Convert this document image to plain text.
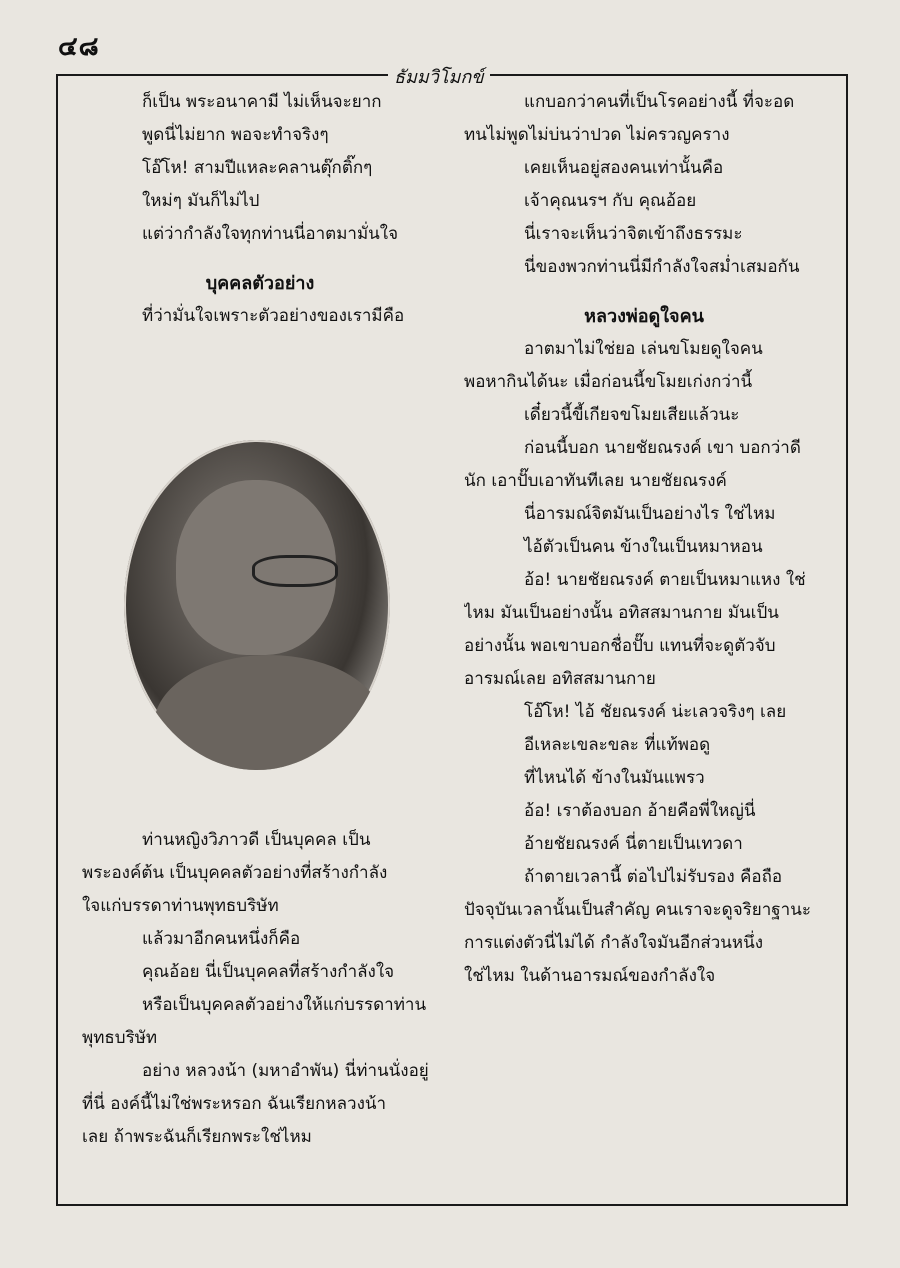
๔๘
ธัมมวิโมกข์
ก็เป็น พระอนาคามี ไม่เห็นจะยาก
พูดนี่ไม่ยาก พอจะทำจริงๆ
โอ๊โห! สามปีแหละคลานตุ๊กติ๊กๆ
ใหม่ๆ มันก็ไม่ไป
แต่ว่ากำลังใจทุกท่านนี่อาตมามั่นใจ
บุคคลตัวอย่าง
ที่ว่ามั่นใจเพราะตัวอย่างของเรามีคือ
ท่านหญิงวิภาวดี เป็นบุคคล เป็น
พระองค์ต้น เป็นบุคคลตัวอย่างที่สร้างกำลัง
ใจแก่บรรดาท่านพุทธบริษัท
แล้วมาอีกคนหนึ่งก็คือ
คุณอ้อย นี่เป็นบุคคลที่สร้างกำลังใจ
หรือเป็นบุคคลตัวอย่างให้แก่บรรดาท่าน
พุทธบริษัท
อย่าง หลวงน้า (มหาอำพัน) นี่ท่านนั่งอยู่
ที่นี่ องค์นี้ไม่ใช่พระหรอก ฉันเรียกหลวงน้า
เลย ถ้าพระฉันก็เรียกพระใช่ไหม
แกบอกว่าคนที่เป็นโรคอย่างนี้ ที่จะอด
ทนไม่พูดไม่บ่นว่าปวด ไม่ครวญคราง
เคยเห็นอยู่สองคนเท่านั้นคือ
เจ้าคุณนรฯ กับ คุณอ้อย
นี่เราจะเห็นว่าจิตเข้าถึงธรรมะ
นี่ของพวกท่านนี่มีกำลังใจสม่ำเสมอกัน
หลวงพ่อดูใจคน
อาตมาไม่ใช่ยอ เล่นขโมยดูใจคน
พอหากินได้นะ เมื่อก่อนนี้ขโมยเก่งกว่านี้
เดี๋ยวนี้ขี้เกียจขโมยเสียแล้วนะ
ก่อนนี้บอก นายชัยณรงค์ เขา บอกว่าดี
นัก เอาปั๊บเอาทันทีเลย นายชัยณรงค์
นี่อารมณ์จิตมันเป็นอย่างไร ใช่ไหม
ไอ้ตัวเป็นคน ข้างในเป็นหมาหอน
อ้อ! นายชัยณรงค์ ตายเป็นหมาแหง ใช่
ไหม มันเป็นอย่างนั้น อทิสสมานกาย มันเป็น
อย่างนั้น พอเขาบอกชื่อปั๊บ แทนที่จะดูตัวจับ
อารมณ์เลย อทิสสมานกาย
โอ๊โห! ไอ้ ชัยณรงค์ น่ะเลวจริงๆ เลย
อีเหละเขละขละ ที่แท้พอดู
ที่ไหนได้ ข้างในมันแพรว
อ้อ! เราต้องบอก อ้ายคือพี่ใหญ่นี่
อ้ายชัยณรงค์ นี่ตายเป็นเทวดา
ถ้าตายเวลานี้ ต่อไปไม่รับรอง คือถือ
ปัจจุบันเวลานั้นเป็นสำคัญ คนเราจะดูจริยาฐานะ
การแต่งตัวนี่ไม่ได้ กำลังใจมันอีกส่วนหนึ่ง
ใช่ไหม ในด้านอารมณ์ของกำลังใจ
